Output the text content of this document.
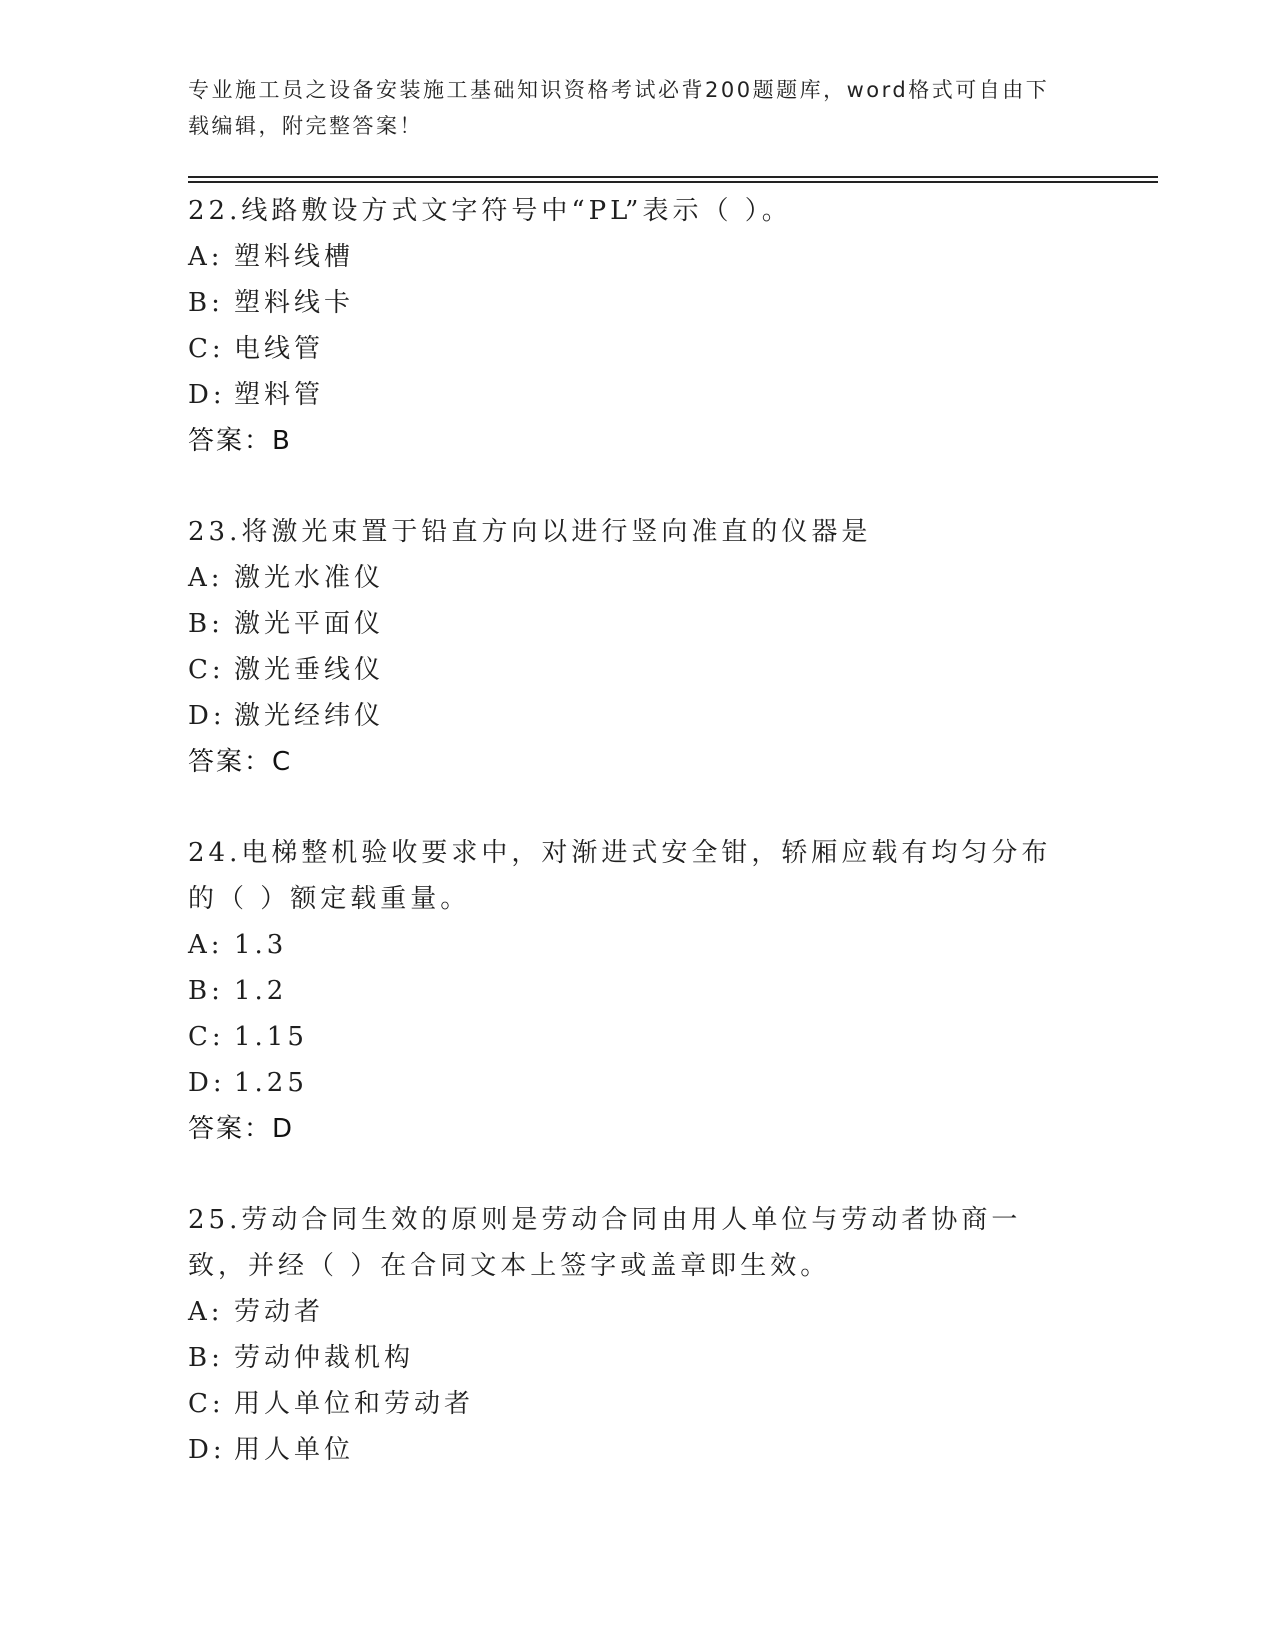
专业施工员之设备安装施工基础知识资格考试必背200题题库，word格式可自由下载编辑，附完整答案！
22.线路敷设方式文字符号中“PL”表示（ ）。
A: 塑料线槽
B: 塑料线卡
C: 电线管
D: 塑料管
答案：B
23.将激光束置于铅直方向以进行竖向准直的仪器是
A: 激光水准仪
B: 激光平面仪
C: 激光垂线仪
D: 激光经纬仪
答案：C
24.电梯整机验收要求中，对渐进式安全钳，轿厢应载有均匀分布的（ ）额定载重量。
A: 1.3
B: 1.2
C: 1.15
D: 1.25
答案：D
25.劳动合同生效的原则是劳动合同由用人单位与劳动者协商一致，并经（ ）在合同文本上签字或盖章即生效。
A: 劳动者
B: 劳动仲裁机构
C: 用人单位和劳动者
D: 用人单位
